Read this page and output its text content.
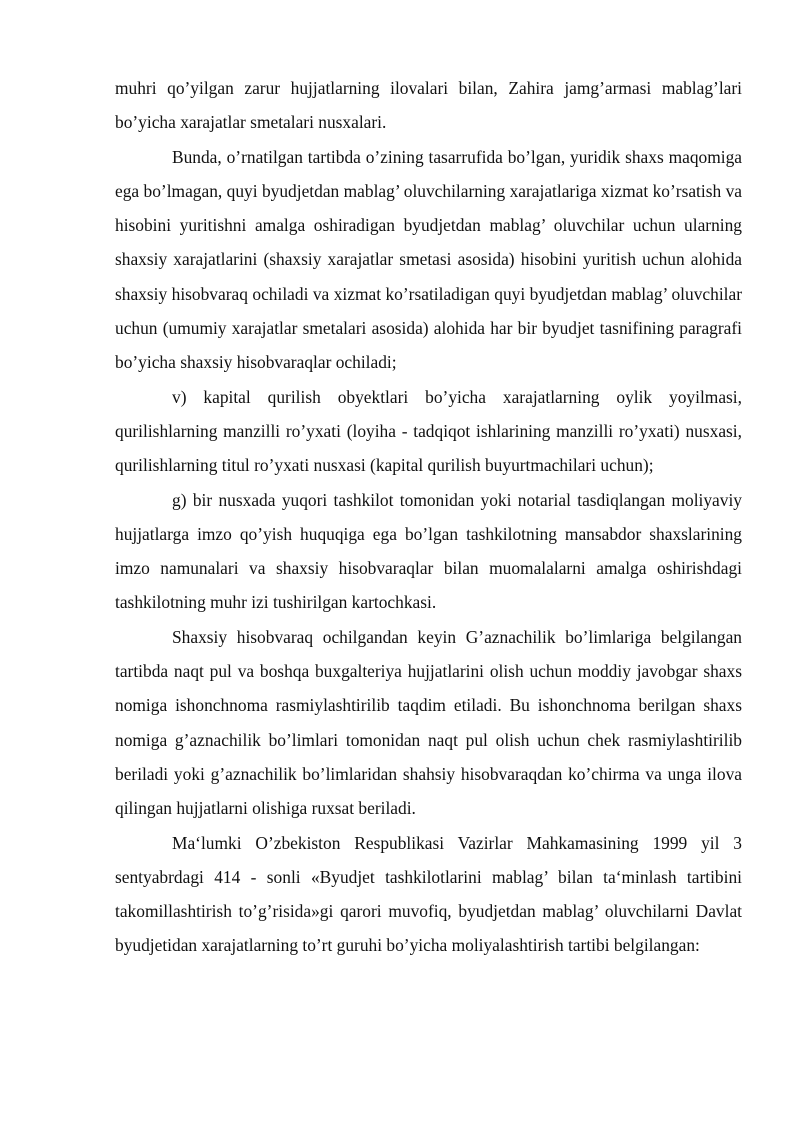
muhri qo’yilgan zarur hujjatlarning ilovalari bilan, Zahira jamg’armasi mablag’lari bo’yicha xarajatlar smetalari nusxalari.

Bunda, o’rnatilgan tartibda o’zining tasarrufida bo’lgan, yuridik shaxs maqomiga ega bo’lmagan, quyi byudjetdan mablag’ oluvchilarning xarajatlariga xizmat ko’rsatish va hisobini yuritishni amalga oshiradigan byudjetdan mablag’ oluvchilar uchun ularning shaxsiy xarajatlarini (shaxsiy xarajatlar smetasi asosida) hisobini yuritish uchun alohida shaxsiy hisobvaraq ochiladi va xizmat ko’rsatiladigan quyi byudjetdan mablag’ oluvchilar uchun (umumiy xarajatlar smetalari asosida) alohida har bir byudjet tasnifining paragrafi bo’yicha shaxsiy hisobvaraqlar ochiladi;

v) kapital qurilish obyektlari bo’yicha xarajatlarning oylik yoyilmasi, qurilishlarning manzilli ro’yxati (loyiha - tadqiqot ishlarining manzilli ro’yxati) nusxasi, qurilishlarning titul ro’yxati nusxasi (kapital qurilish buyurtmachilari uchun);

g) bir nusxada yuqori tashkilot tomonidan yoki notarial tasdiqlangan moliyaviy hujjatlarga imzo qo’yish huquqiga ega bo’lgan tashkilotning mansabdor shaxslarining imzo namunalari va shaxsiy hisobvaraqlar bilan muomalalarni amalga oshirishdagi tashkilotning muhr izi tushirilgan kartochkasi.

Shaxsiy hisobvaraq ochilgandan keyin G’aznachilik bo’limlariga belgilangan tartibda naqt pul va boshqa buxgalteriya hujjatlarini olish uchun moddiy javobgar shaxs nomiga ishonchnoma rasmiylashtirilib taqdim etiladi. Bu ishonchnoma berilgan shaxs nomiga g’aznachilik bo’limlari tomonidan naqt pul olish uchun chek rasmiylashtirilib beriladi yoki g’aznachilik bo’limlaridan shahsiy hisobvaraqdan ko’chirma va unga ilova qilingan hujjatlarni olishiga ruxsat beriladi.

Ma‘lumki O’zbekiston Respublikasi Vazirlar Mahkamasining 1999 yil 3 sentyabrdagi 414 - sonli «Byudjet tashkilotlarini mablag’ bilan ta‘minlash tartibini takomillashtirish to’g’risida»gi qarori muvofiq, byudjetdan mablag’ oluvchilarni Davlat byudjetidan xarajatlarning to’rt guruhi bo’yicha moliyalashtirish tartibi belgilangan:
